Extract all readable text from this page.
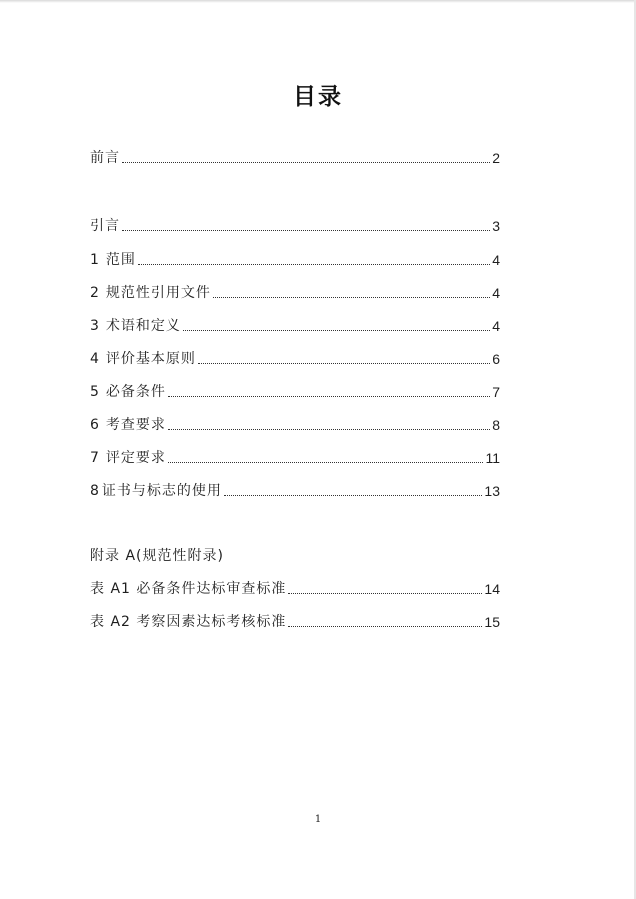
目录
前言	2
引言	3
1 范围	4
2 规范性引用文件	4
3 术语和定义	4
4 评价基本原则	6
5 必备条件	7
6 考查要求	8
7 评定要求	11
8 证书与标志的使用	13
附录 A(规范性附录)
表 A1 必备条件达标审查标准	14
表 A2 考察因素达标考核标准	15
1
